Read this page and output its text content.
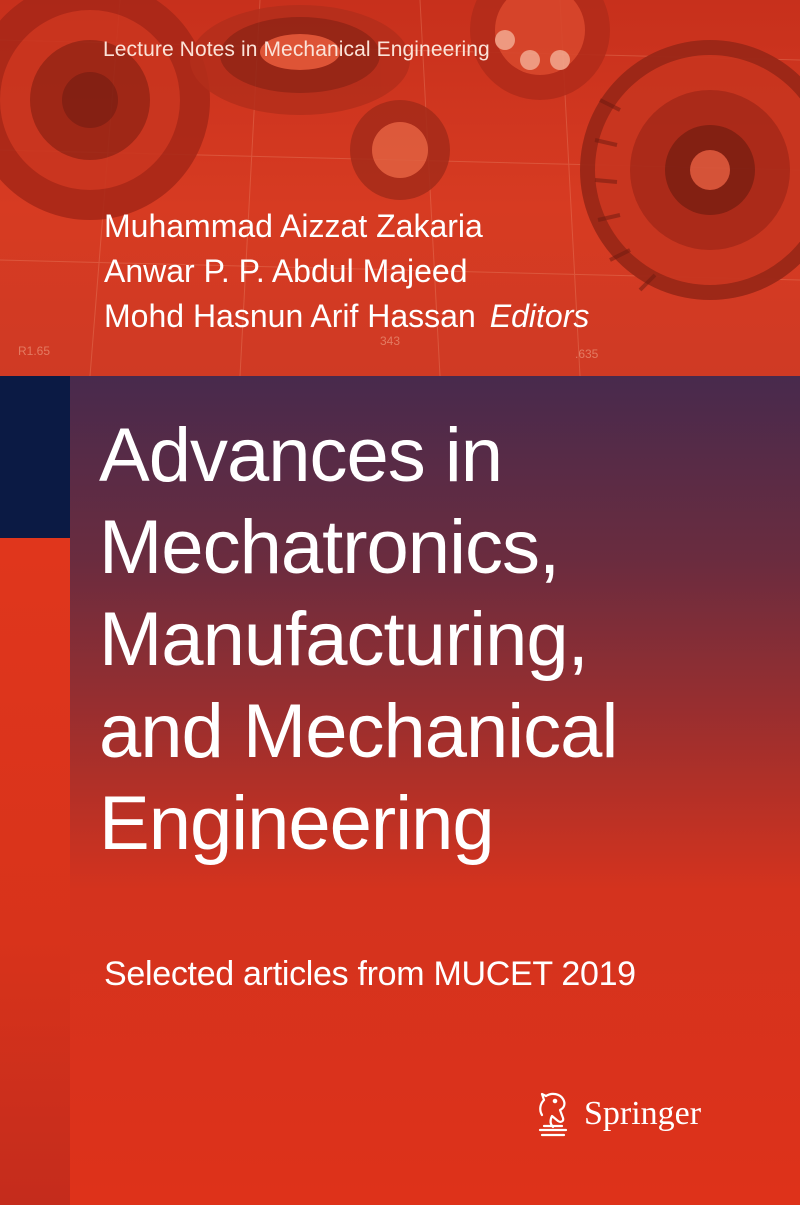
R1.65
343
.635
Lecture Notes in Mechanical Engineering
Muhammad Aizzat Zakaria
Anwar P. P. Abdul Majeed
Mohd Hasnun Arif Hassan Editors
Advances in
Mechatronics,
Manufacturing,
and Mechanical
Engineering
Selected articles from MUCET 2019
Springer
